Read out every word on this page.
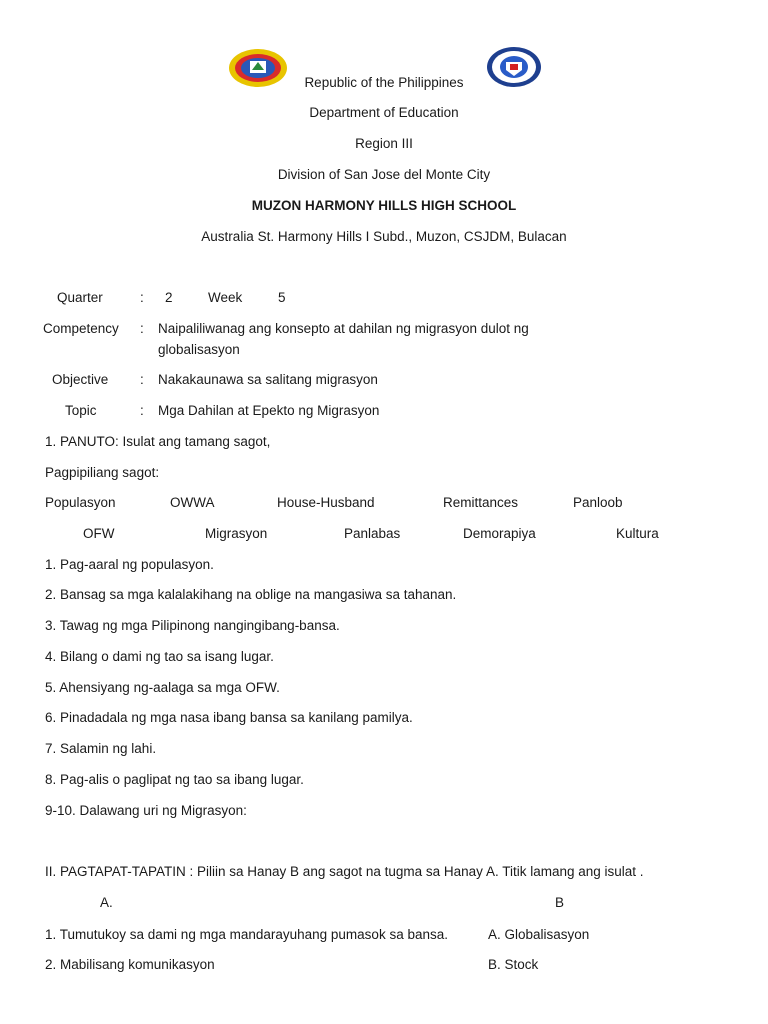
Republic of the Philippines
Department of Education
Region III
Division of San Jose del Monte City
MUZON HARMONY HILLS HIGH SCHOOL
Australia St. Harmony Hills I Subd., Muzon, CSJDM, Bulacan
Quarter	: 2	Week	5
Competency : Naipaliliwanag ang konsepto at dahilan ng migrasyon dulot ng
globalisasyon
Objective : Nakakaunawa sa salitang migrasyon
Topic	: Mga Dahilan at Epekto ng Migrasyon
1. PANUTO: Isulat ang tamang sagot,
Pagpipiliang sagot:
Populasyon	OWWA	House-Husband	Remittances	Panloob
OFW	Migrasyon	Panlabas	Demorapiya	Kultura
1. Pag-aaral ng populasyon.
2. Bansag sa mga kalalakihang na oblige na mangasiwa sa tahanan.
3. Tawag ng mga Pilipinong nangingibang-bansa.
4. Bilang o dami ng tao sa isang lugar.
5. Ahensiyang ng-aalaga sa mga OFW.
6. Pinadadala ng mga nasa ibang bansa sa kanilang pamilya.
7. Salamin ng lahi.
8. Pag-alis o paglipat ng tao sa ibang lugar.
9-10. Dalawang uri ng Migrasyon:
II. PAGTAPAT-TAPATIN : Piliin sa Hanay B ang sagot na tugma sa Hanay A. Titik lamang ang isulat .
A.	B
1. Tumutukoy sa dami ng mga mandarayuhang pumasok sa bansa.	A. Globalisasyon
2. Mabilisang komunikasyon	B. Stock
